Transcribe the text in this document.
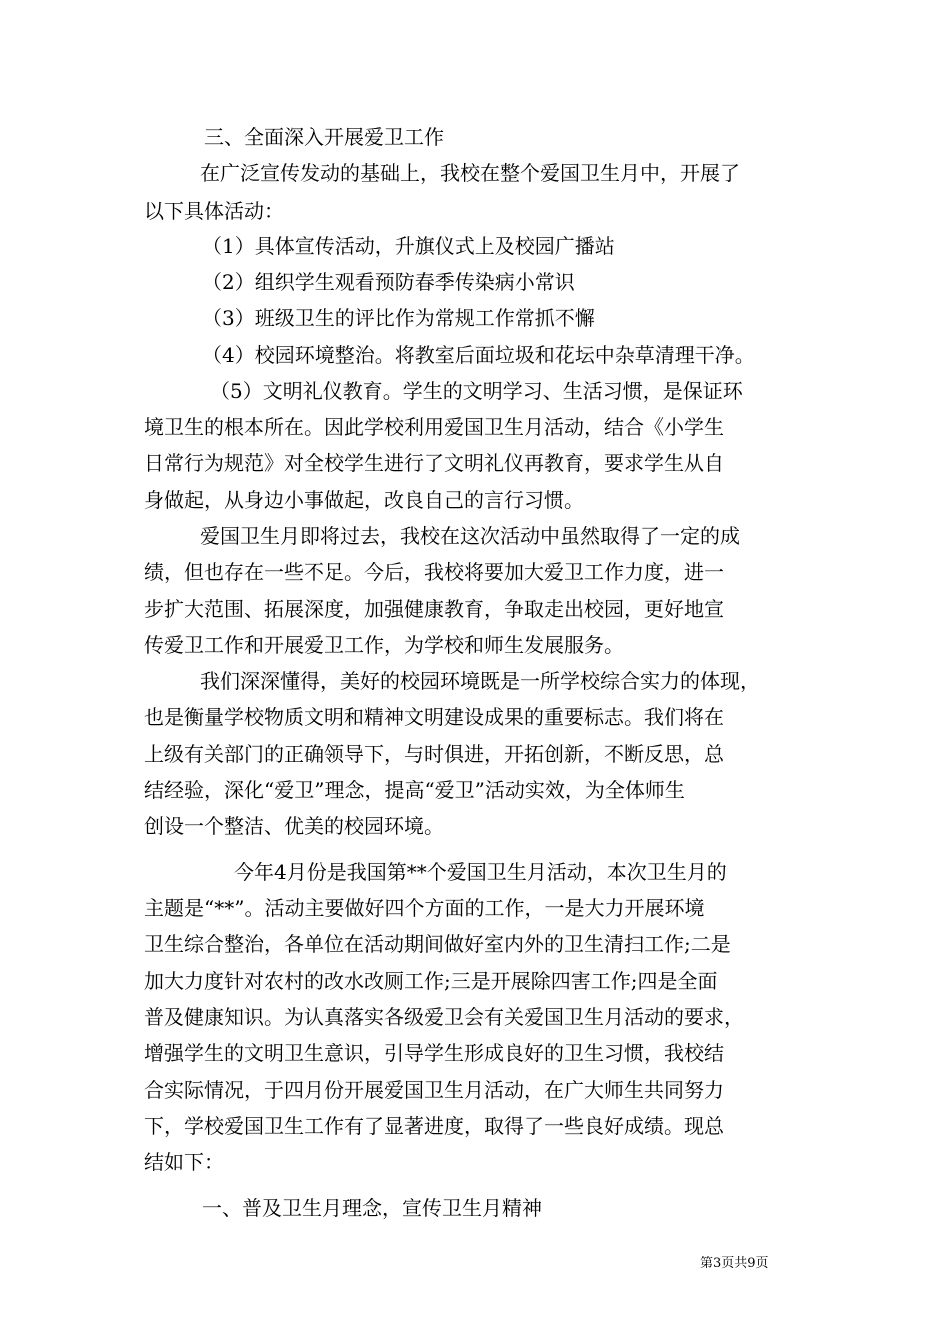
三、全面深入开展爱卫工作
在广泛宣传发动的基础上，我校在整个爱国卫生月中，开展了
以下具体活动：
（1）具体宣传活动，升旗仪式上及校园广播站
（2）组织学生观看预防春季传染病小常识
（3）班级卫生的评比作为常规工作常抓不懈
（4）校园环境整治。将教室后面垃圾和花坛中杂草清理干净。
（5）文明礼仪教育。学生的文明学习、生活习惯，是保证环
境卫生的根本所在。因此学校利用爱国卫生月活动，结合《小学生
日常行为规范》对全校学生进行了文明礼仪再教育，要求学生从自
身做起，从身边小事做起，改良自己的言行习惯。
爱国卫生月即将过去，我校在这次活动中虽然取得了一定的成
绩，但也存在一些不足。今后，我校将要加大爱卫工作力度，进一
步扩大范围、拓展深度，加强健康教育，争取走出校园，更好地宣
传爱卫工作和开展爱卫工作，为学校和师生发展服务。
我们深深懂得，美好的校园环境既是一所学校综合实力的体现，
也是衡量学校物质文明和精神文明建设成果的重要标志。我们将在
上级有关部门的正确领导下，与时俱进，开拓创新，不断反思，总
结经验，深化“爱卫”理念，提高“爱卫”活动实效，为全体师生
创设一个整洁、优美的校园环境。
今年4月份是我国第**个爱国卫生月活动，本次卫生月的
主题是“**”。活动主要做好四个方面的工作，一是大力开展环境
卫生综合整治，各单位在活动期间做好室内外的卫生清扫工作;二是
加大力度针对农村的改水改厕工作;三是开展除四害工作;四是全面
普及健康知识。为认真落实各级爱卫会有关爱国卫生月活动的要求，
增强学生的文明卫生意识，引导学生形成良好的卫生习惯，我校结
合实际情况，于四月份开展爱国卫生月活动，在广大师生共同努力
下，学校爱国卫生工作有了显著进度，取得了一些良好成绩。现总
结如下：
一、普及卫生月理念，宣传卫生月精神
第3页共9页
